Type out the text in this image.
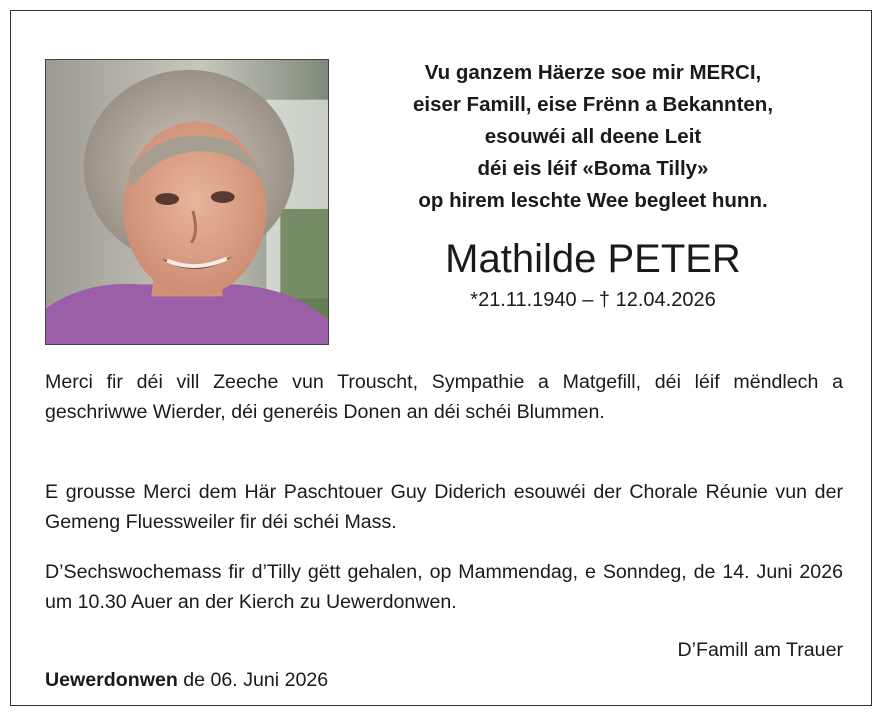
Vu ganzem Häerze soe mir MERCI,
eiser Famill, eise Frënn a Bekannten,
esouwéi all deene Leit
déi eis léif «Boma Tilly»
op hirem leschte Wee begleet hunn.
Mathilde PETER
*21.11.1940 – † 12.04.2026
Merci fir déi vill Zeeche vun Trouscht, Sympathie a Matgefill, déi léif mëndlech a geschriwwe Wierder, déi generéis Donen an déi schéi Blummen.
E grousse Merci dem Här Paschtouer Guy Diderich esouwéi der Chorale Réunie vun der Gemeng Fluessweiler fir déi schéi Mass.
D’Sechswochemass fir d’Tilly gëtt gehalen, op Mammendag, e Sonndeg, de 14. Juni 2026 um 10.30 Auer an der Kierch zu Uewerdonwen.
D’Famill am Trauer
Uewerdonwen de 06. Juni 2026
